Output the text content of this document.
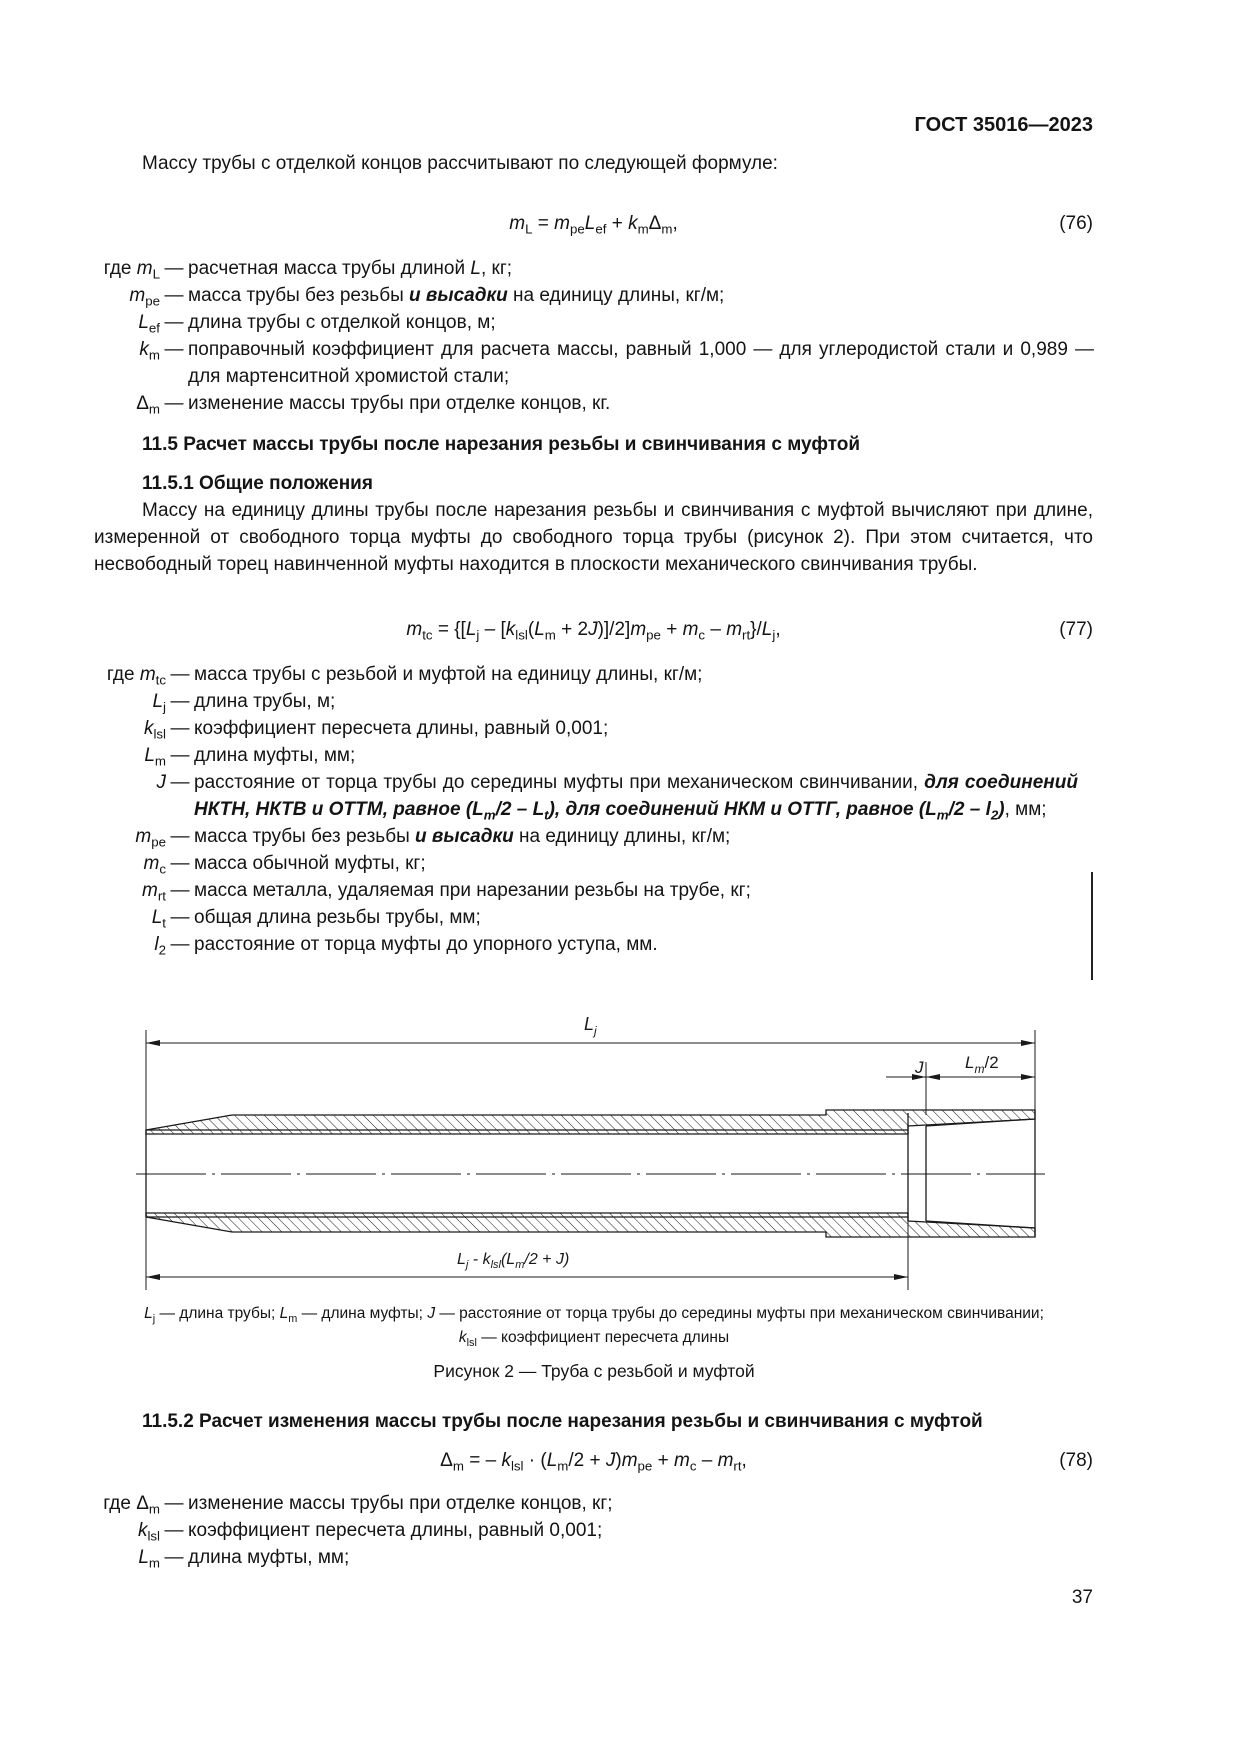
ГОСТ 35016—2023
Массу трубы с отделкой концов рассчитывают по следующей формуле:
$m_L = m_{pe}L_{ef} + k_m\Delta_m$,	(76)
где $m_L$ — расчетная масса трубы длиной L, кг;
$m_{pe}$ — масса трубы без резьбы и высадки на единицу длины, кг/м;
$L_{ef}$ — длина трубы с отделкой концов, м;
$k_m$ — поправочный коэффициент для расчета массы, равный 1,000 — для углеродистой стали и 0,989 — для мартенситной хромистой стали;
$\Delta_m$ — изменение массы трубы при отделке концов, кг.
11.5 Расчет массы трубы после нарезания резьбы и свинчивания с муфтой
11.5.1 Общие положения
Массу на единицу длины трубы после нарезания резьбы и свинчивания с муфтой вычисляют при длине, измеренной от свободного торца муфты до свободного торца трубы (рисунок 2). При этом считается, что несвободный торец навинченной муфты находится в плоскости механического свинчивания трубы.
$m_{tc} = \{[L_j - [k_{lsl}(L_m + 2J)]/2]m_{pe} + m_c - m_{rt}\}/L_j$,	(77)
где $m_{tc}$ — масса трубы с резьбой и муфтой на единицу длины, кг/м;
$L_j$ — длина трубы, м;
$k_{lsl}$ — коэффициент пересчета длины, равный 0,001;
$L_m$ — длина муфты, мм;
J — расстояние от торца трубы до середины муфты при механическом свинчивании, для соединений НКТН, НКТВ и ОТТМ, равное $(L_m/2 - L_t)$, для соединений НКМ и ОТТГ, равное $(L_m/2 - l_2)$, мм;
$m_{pe}$ — масса трубы без резьбы и высадки на единицу длины, кг/м;
$m_c$ — масса обычной муфты, кг;
$m_{rt}$ — масса металла, удаляемая при нарезании резьбы на трубе, кг;
$L_t$ — общая длина резьбы трубы, мм;
$l_2$ — расстояние от торца муфты до упорного уступа, мм.
$L_j$
J $L_m/2$
$L_j - k_{lsl}(L_m/2 + J)$
$L_j$ — длина трубы; $L_m$ — длина муфты; J — расстояние от торца трубы до середины муфты при механическом свинчивании;
$k_{lsl}$ — коэффициент пересчета длины
Рисунок 2 — Труба с резьбой и муфтой
11.5.2 Расчет изменения массы трубы после нарезания резьбы и свинчивания с муфтой
$\Delta_m$ = – $k_{lsl} \cdot (L_m/2 + J)m_{pe} + m_c - m_{rt}$,	(78)
где $\Delta_m$ — изменение массы трубы при отделке концов, кг;
$k_{lsl}$ — коэффициент пересчета длины, равный 0,001;
$L_m$ — длина муфты, мм;
37
